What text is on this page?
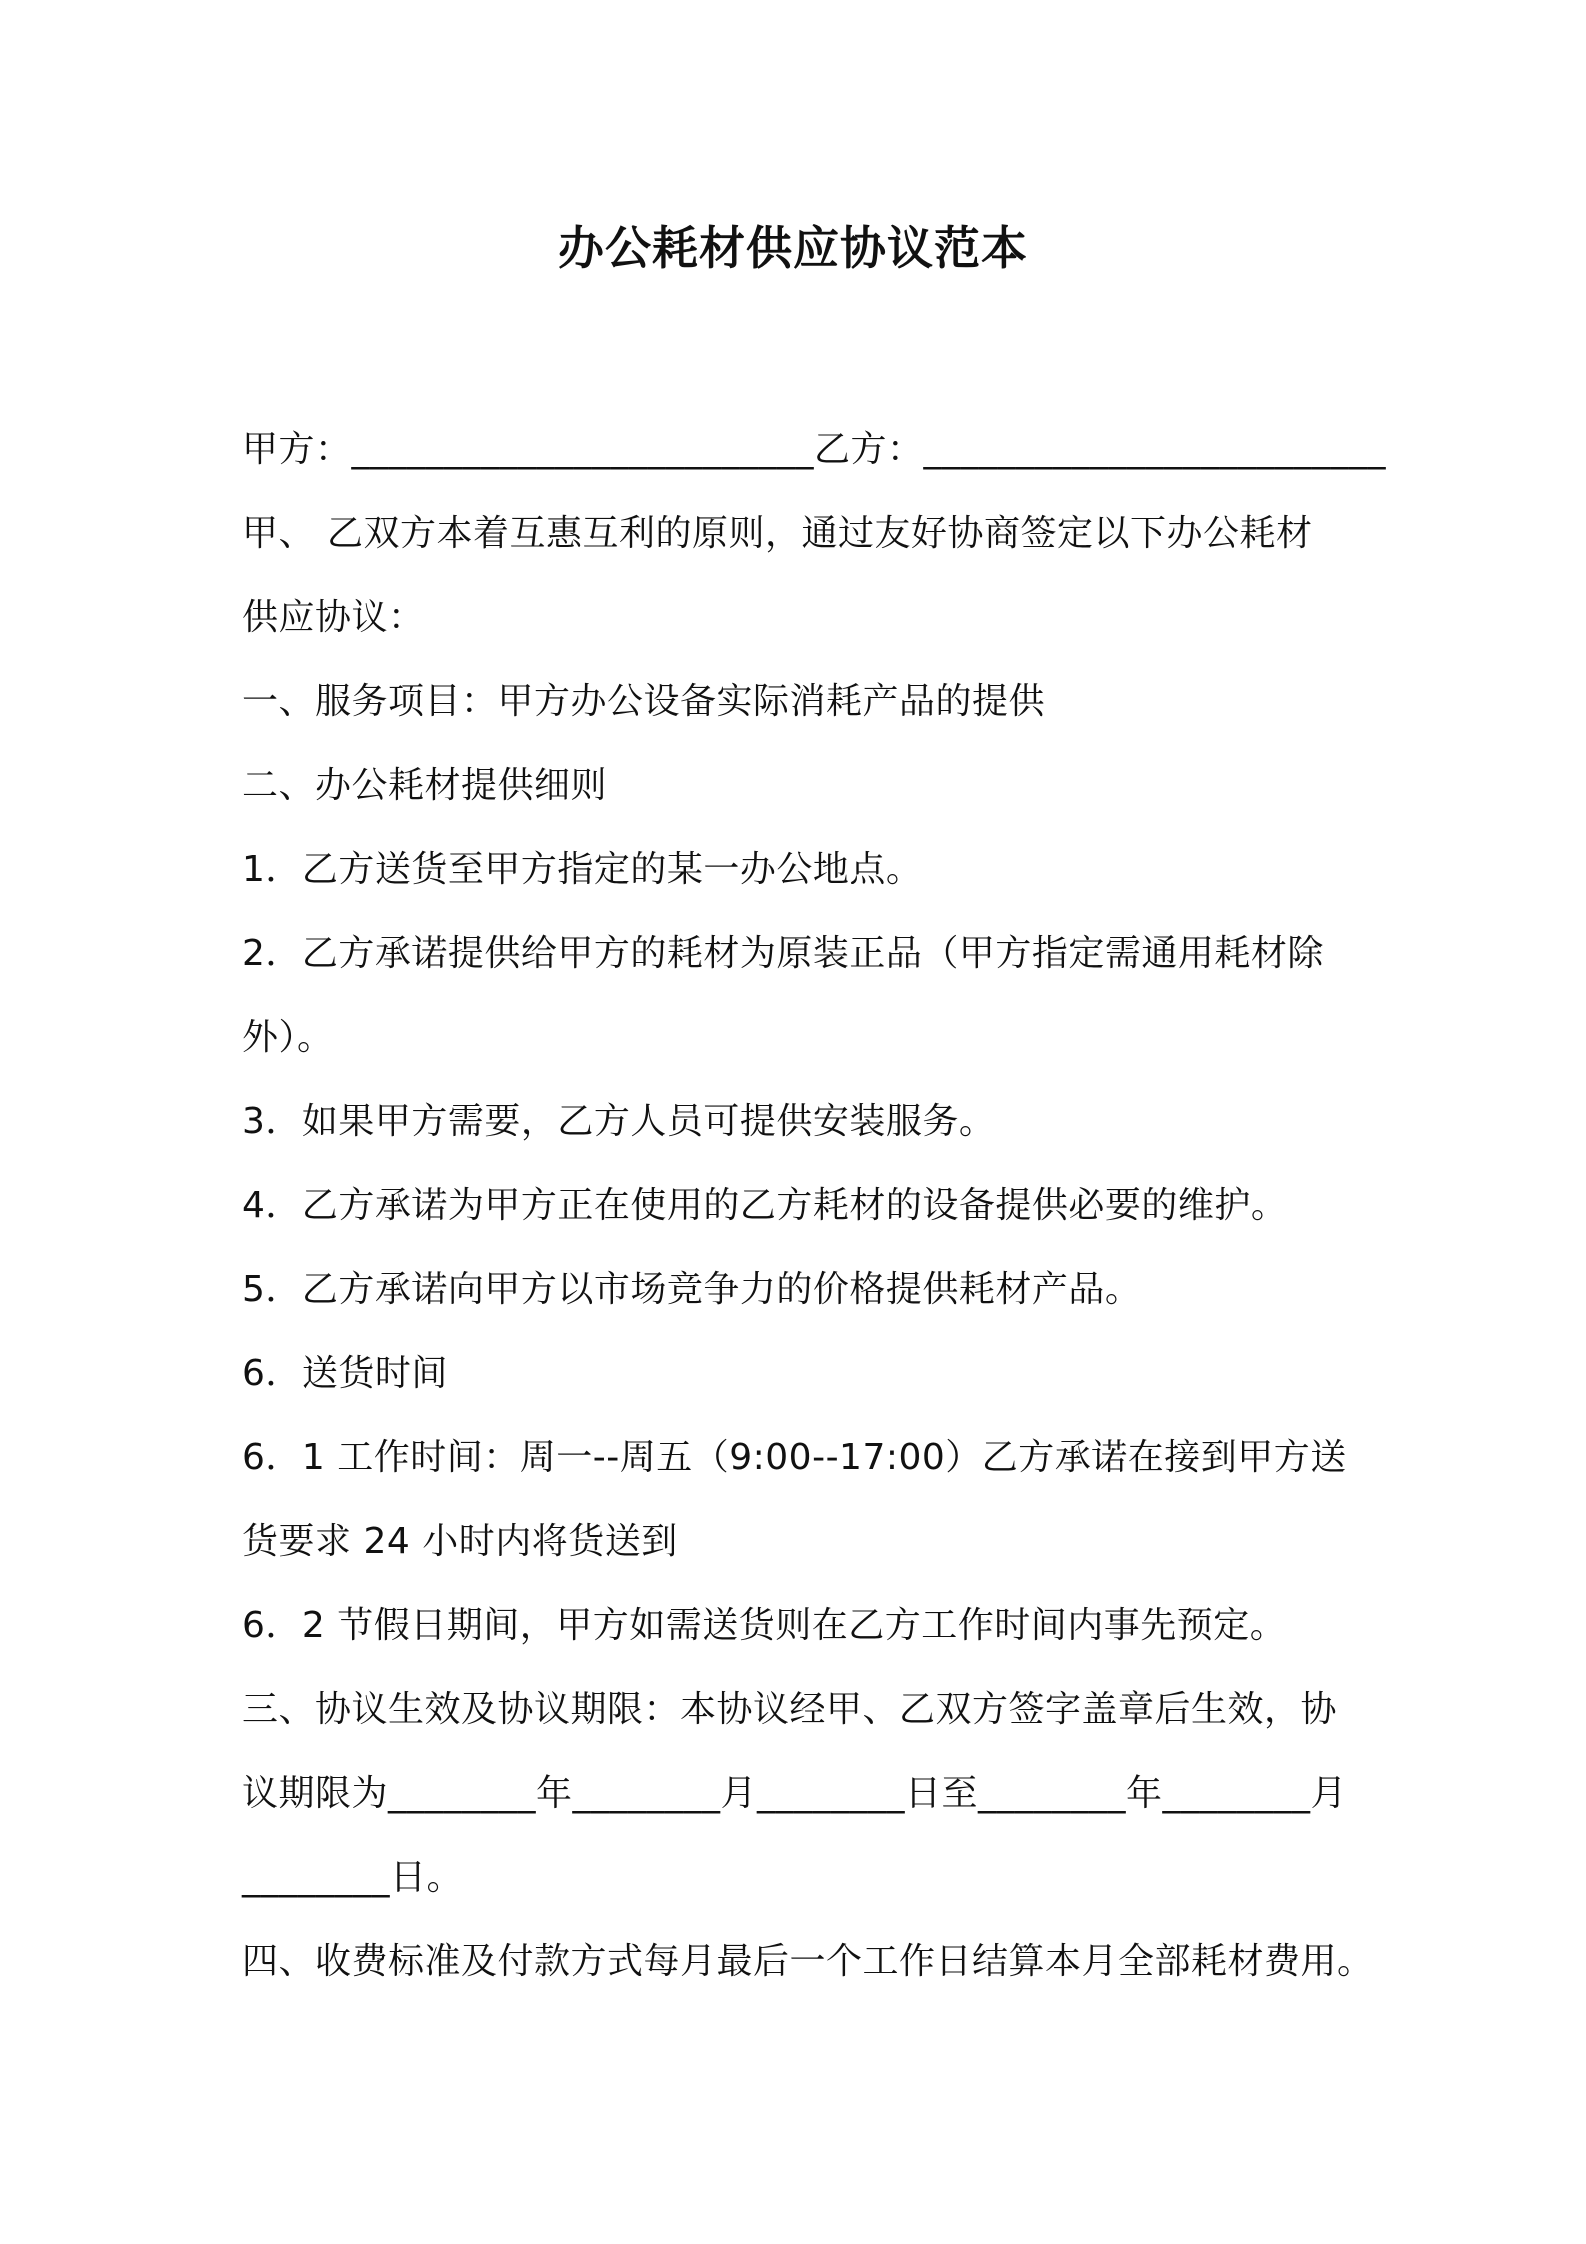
办公耗材供应协议范本
甲方：_________________________乙方：_________________________
甲、 乙双方本着互惠互利的原则，通过友好协商签定以下办公耗材
供应协议：
一、服务项目：甲方办公设备实际消耗产品的提供
二、办公耗材提供细则
1．乙方送货至甲方指定的某一办公地点。
2．乙方承诺提供给甲方的耗材为原装正品（甲方指定需通用耗材除
外）。
3．如果甲方需要，乙方人员可提供安装服务。
4．乙方承诺为甲方正在使用的乙方耗材的设备提供必要的维护。
5．乙方承诺向甲方以市场竞争力的价格提供耗材产品。
6．送货时间
6．1 工作时间：周一--周五（9:00--17:00）乙方承诺在接到甲方送
货要求 24 小时内将货送到
6．2 节假日期间，甲方如需送货则在乙方工作时间内事先预定。
三、协议生效及协议期限：本协议经甲、乙双方签字盖章后生效，协
议期限为________年________月________日至________年________月
________日。
四、收费标准及付款方式每月最后一个工作日结算本月全部耗材费用。
